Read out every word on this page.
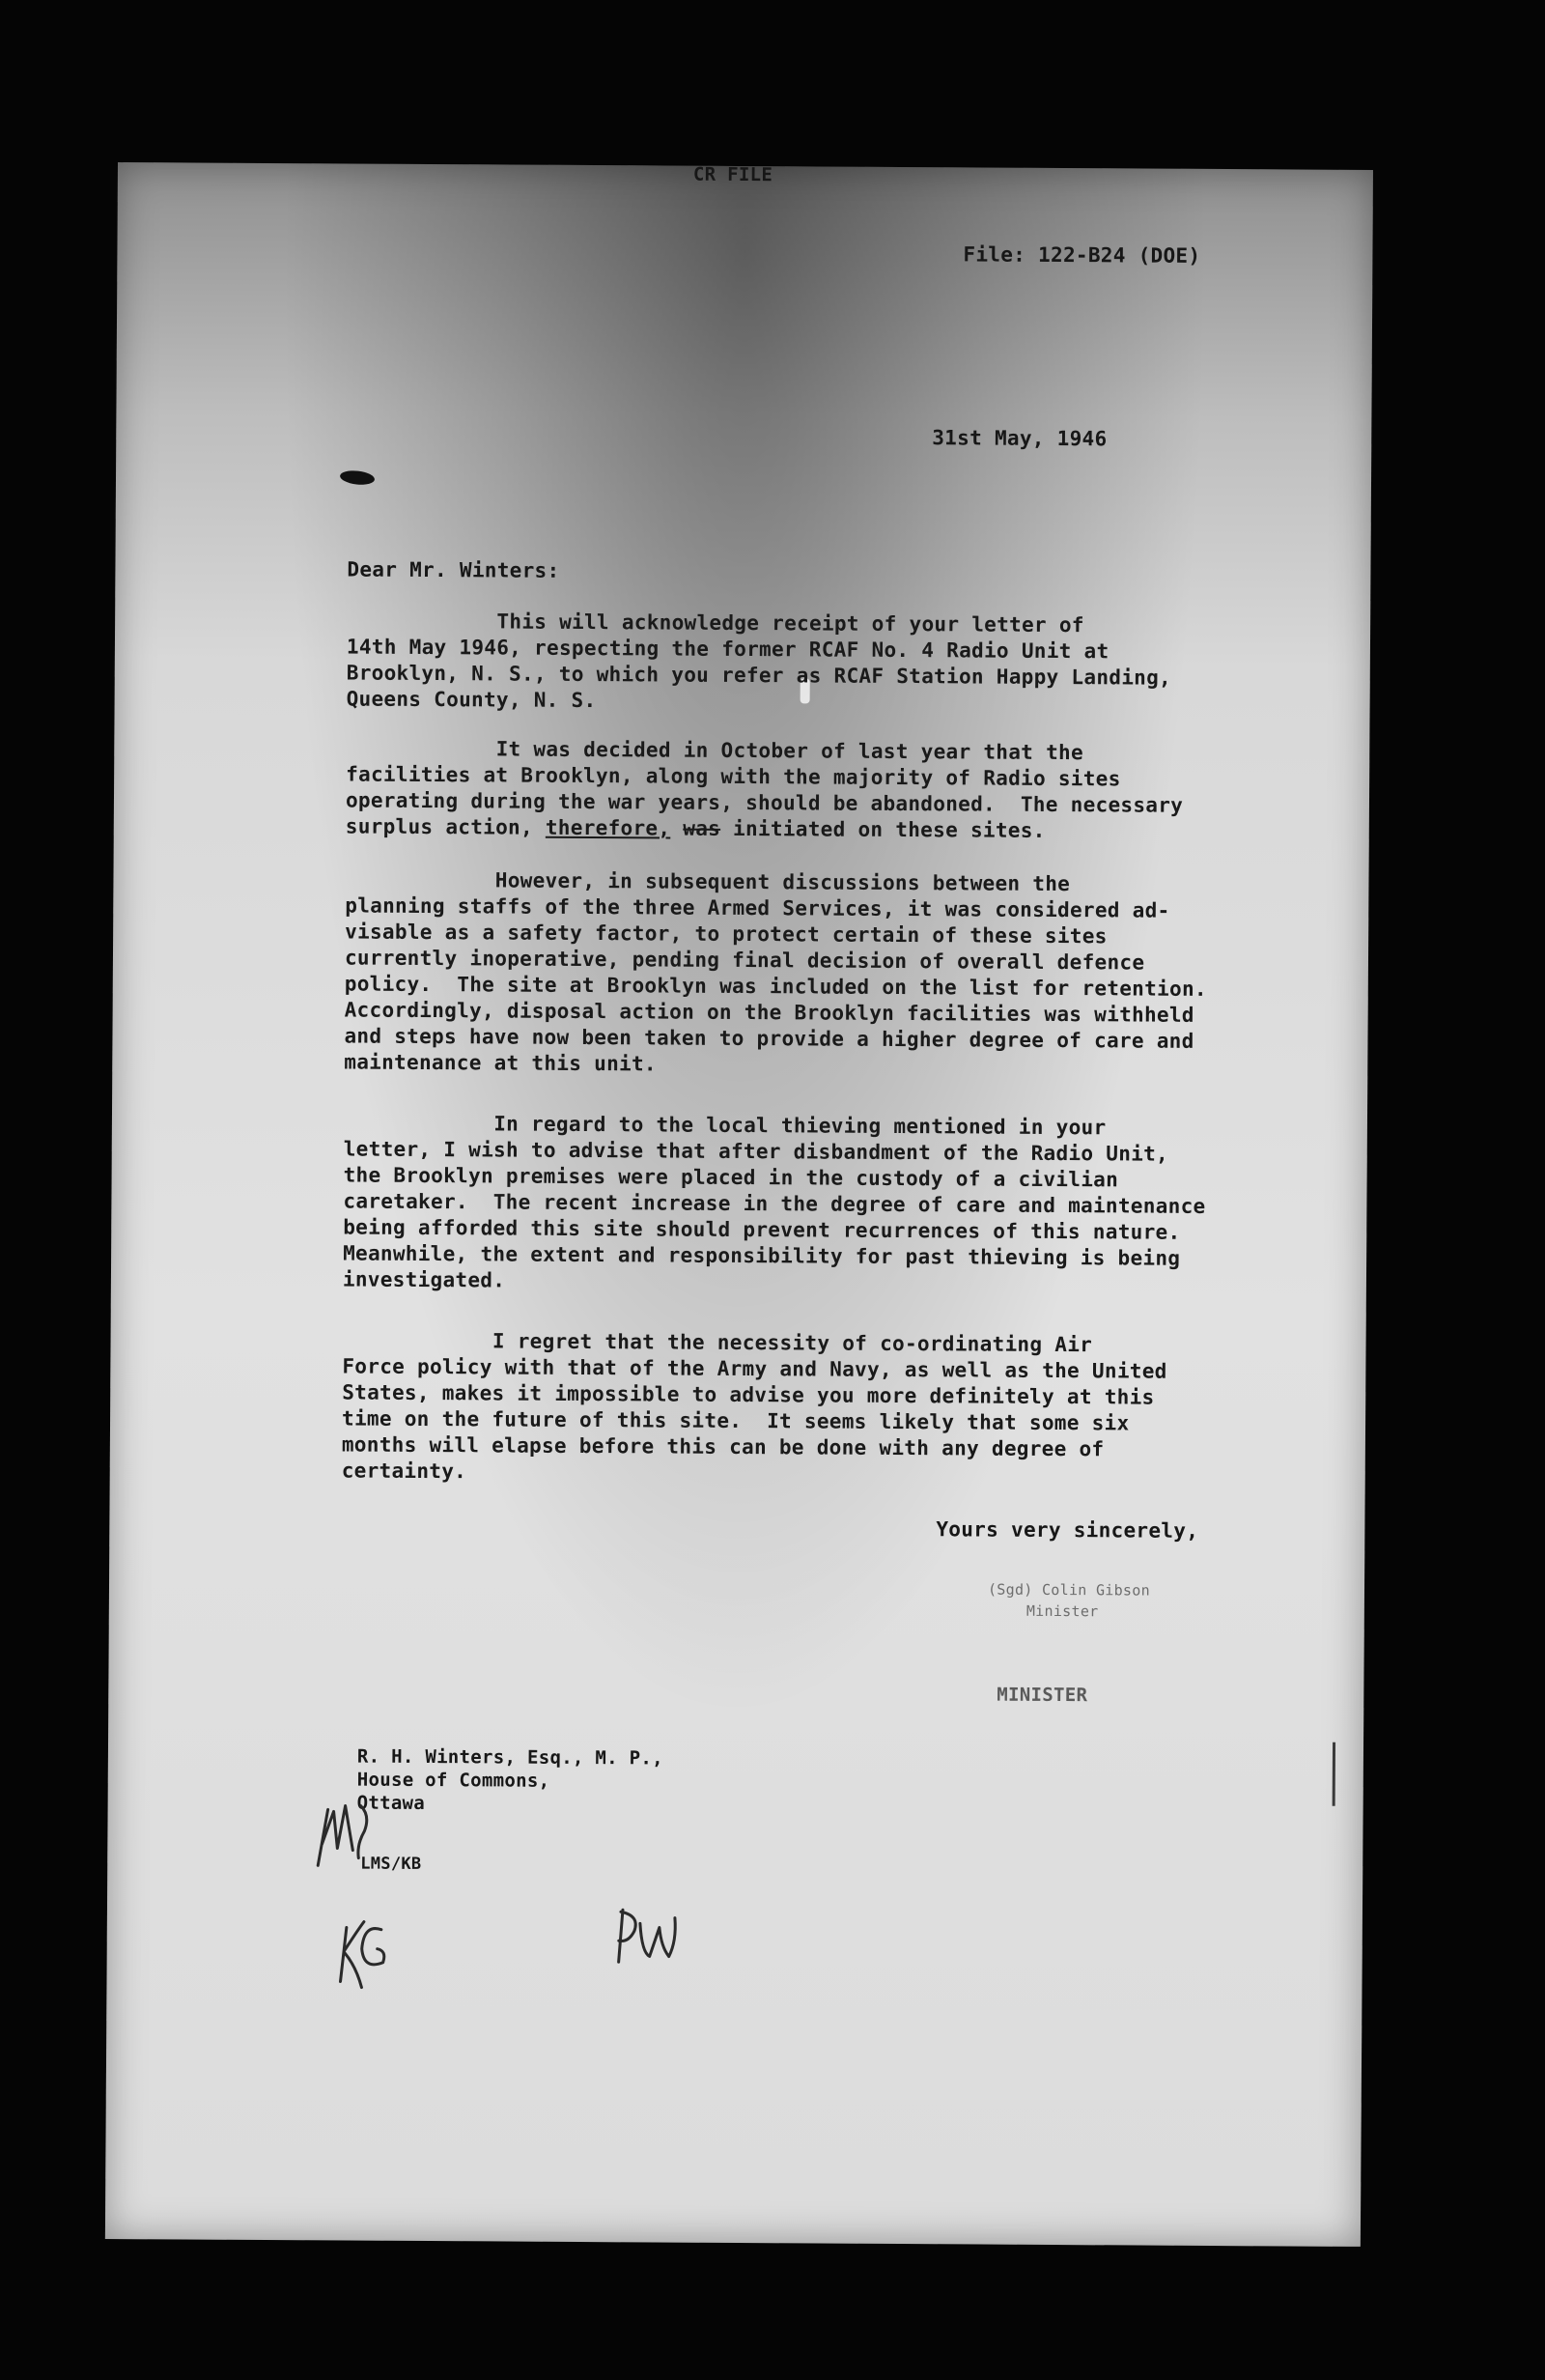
CR FILE
File: 122-B24 (DOE)
31st May, 1946
Dear Mr. Winters:
This will acknowledge receipt of your letter of
14th May 1946, respecting the former RCAF No. 4 Radio Unit at
Brooklyn, N. S., to which you refer as RCAF Station Happy Landing,
Queens County, N. S.
It was decided in October of last year that the
facilities at Brooklyn, along with the majority of Radio sites
operating during the war years, should be abandoned.  The necessary
surplus action, therefore, was initiated on these sites.
However, in subsequent discussions between the
planning staffs of the three Armed Services, it was considered ad-
visable as a safety factor, to protect certain of these sites
currently inoperative, pending final decision of overall defence
policy.  The site at Brooklyn was included on the list for retention.
Accordingly, disposal action on the Brooklyn facilities was withheld
and steps have now been taken to provide a higher degree of care and
maintenance at this unit.
In regard to the local thieving mentioned in your
letter, I wish to advise that after disbandment of the Radio Unit,
the Brooklyn premises were placed in the custody of a civilian
caretaker.  The recent increase in the degree of care and maintenance
being afforded this site should prevent recurrences of this nature.
Meanwhile, the extent and responsibility for past thieving is being
investigated.
I regret that the necessity of co-ordinating Air
Force policy with that of the Army and Navy, as well as the United
States, makes it impossible to advise you more definitely at this
time on the future of this site.  It seems likely that some six
months will elapse before this can be done with any degree of
certainty.
Yours very sincerely,
(Sgd) Colin Gibson
Minister
MINISTER
R. H. Winters, Esq., M. P.,
House of Commons,
Ottawa
LMS/KB
